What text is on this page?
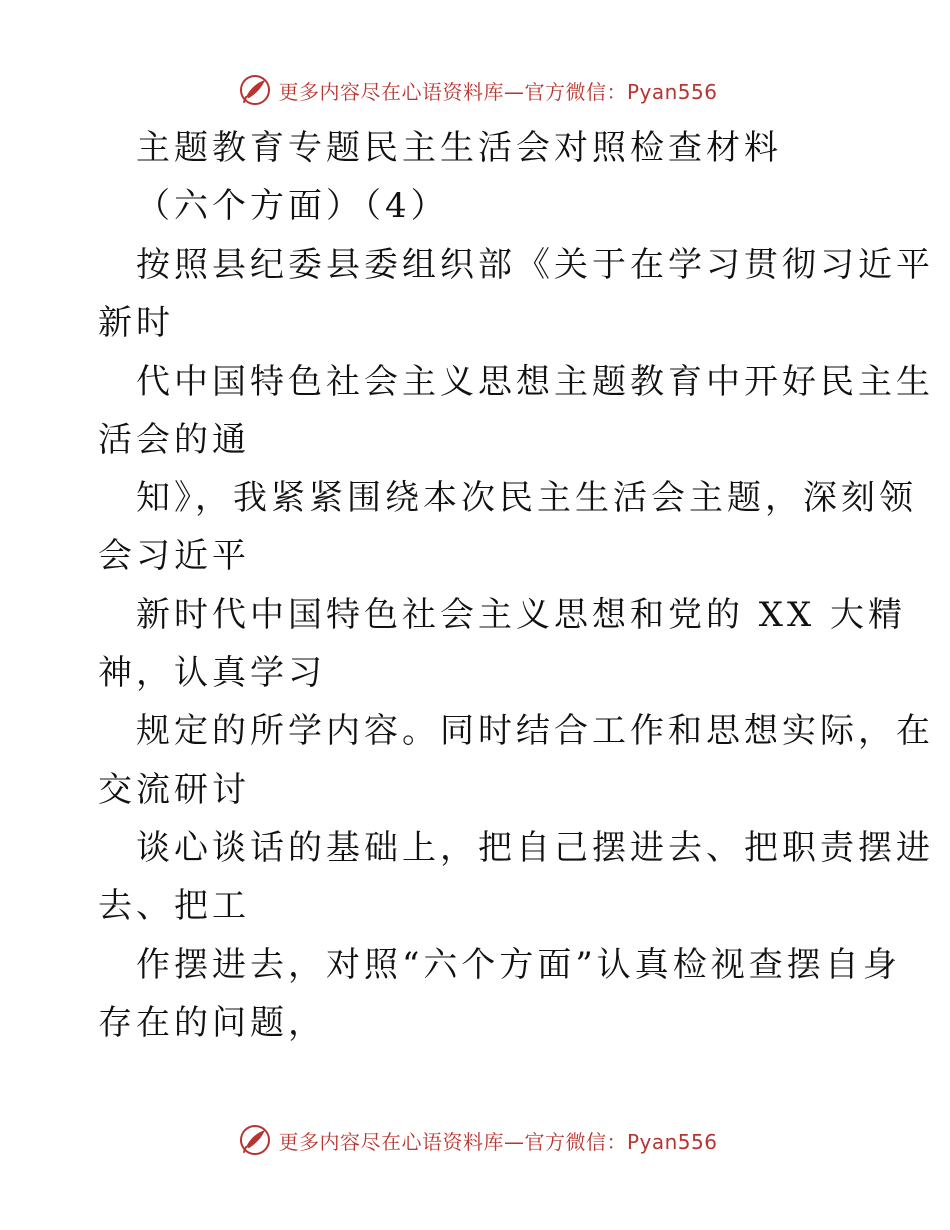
更多内容尽在心语资料库—官方微信：Pyan556
主题教育专题民主生活会对照检查材料
（六个方面）（4）
按照县纪委县委组织部《关于在学习贯彻习近平
新时
代中国特色社会主义思想主题教育中开好民主生
活会的通
知》，我紧紧围绕本次民主生活会主题，深刻领
会习近平
新时代中国特色社会主义思想和党的 XX 大精
神，认真学习
规定的所学内容。同时结合工作和思想实际，在
交流研讨
谈心谈话的基础上，把自己摆进去、把职责摆进
去、把工
作摆进去，对照“六个方面”认真检视查摆自身
存在的问题，
更多内容尽在心语资料库—官方微信：Pyan556
